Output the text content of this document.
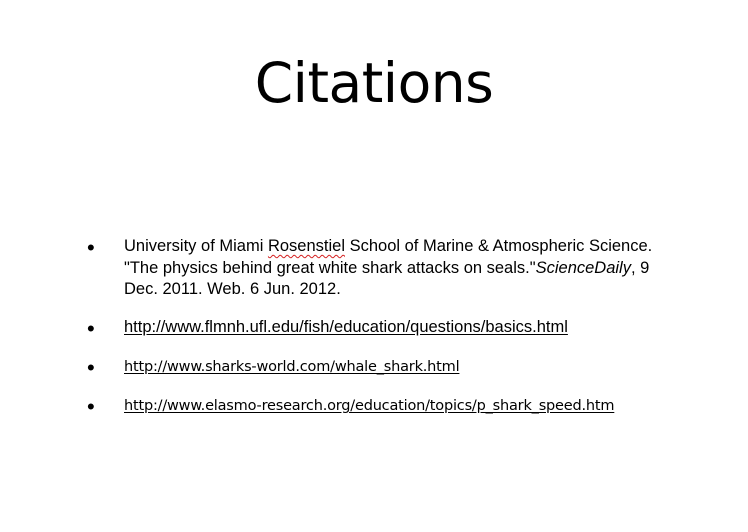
Citations
• University of Miami Rosenstiel School of Marine & Atmospheric Science. "The physics behind great white shark attacks on seals."ScienceDaily, 9 Dec. 2011. Web. 6 Jun. 2012.
• http://www.flmnh.ufl.edu/fish/education/questions/basics.html
• http://www.sharks-world.com/whale_shark.html
• http://www.elasmo-research.org/education/topics/p_shark_speed.htm
